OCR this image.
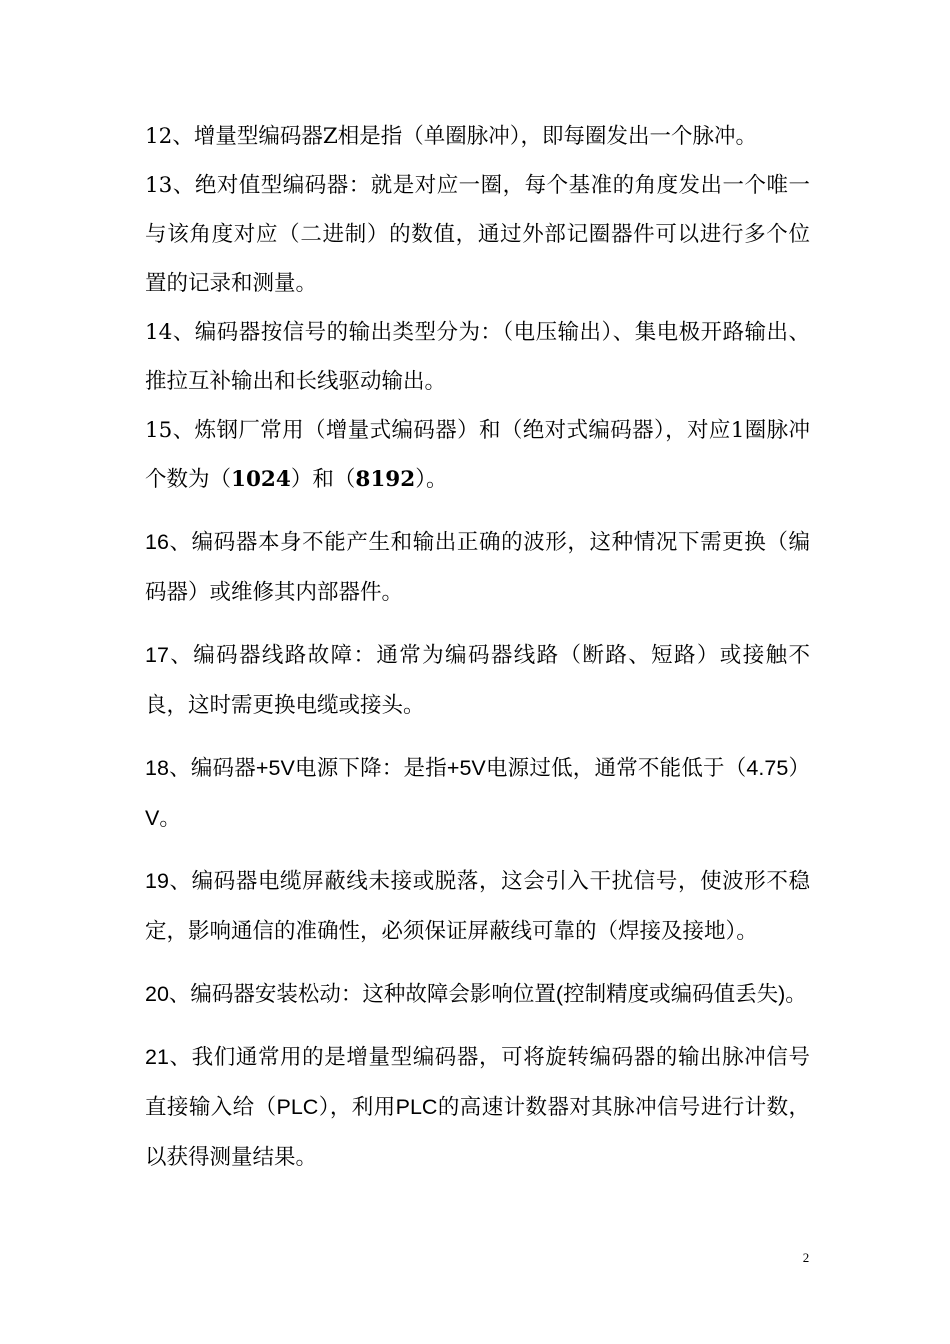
12、增量型编码器Z相是指（单圈脉冲），即每圈发出一个脉冲。

13、绝对值型编码器：就是对应一圈，每个基准的角度发出一个唯一与该角度对应（二进制）的数值，通过外部记圈器件可以进行多个位置的记录和测量。

14、编码器按信号的输出类型分为：（电压输出）、集电极开路输出、推拉互补输出和长线驱动输出。

15、炼钢厂常用（增量式编码器）和（绝对式编码器），对应1圈脉冲个数为（1024）和（8192）。

16、编码器本身不能产生和输出正确的波形，这种情况下需更换（编码器）或维修其内部器件。

17、编码器线路故障：通常为编码器线路（断路、短路）或接触不良，这时需更换电缆或接头。

18、编码器+5V电源下降：是指+5V电源过低，通常不能低于（4.75）V。

19、编码器电缆屏蔽线未接或脱落，这会引入干扰信号，使波形不稳定，影响通信的准确性，必须保证屏蔽线可靠的（焊接及接地）。

20、编码器安装松动：这种故障会影响位置(控制精度或编码值丢失)。

21、我们通常用的是增量型编码器，可将旋转编码器的输出脉冲信号直接输入给（PLC），利用PLC的高速计数器对其脉冲信号进行计数，以获得测量结果。

2
